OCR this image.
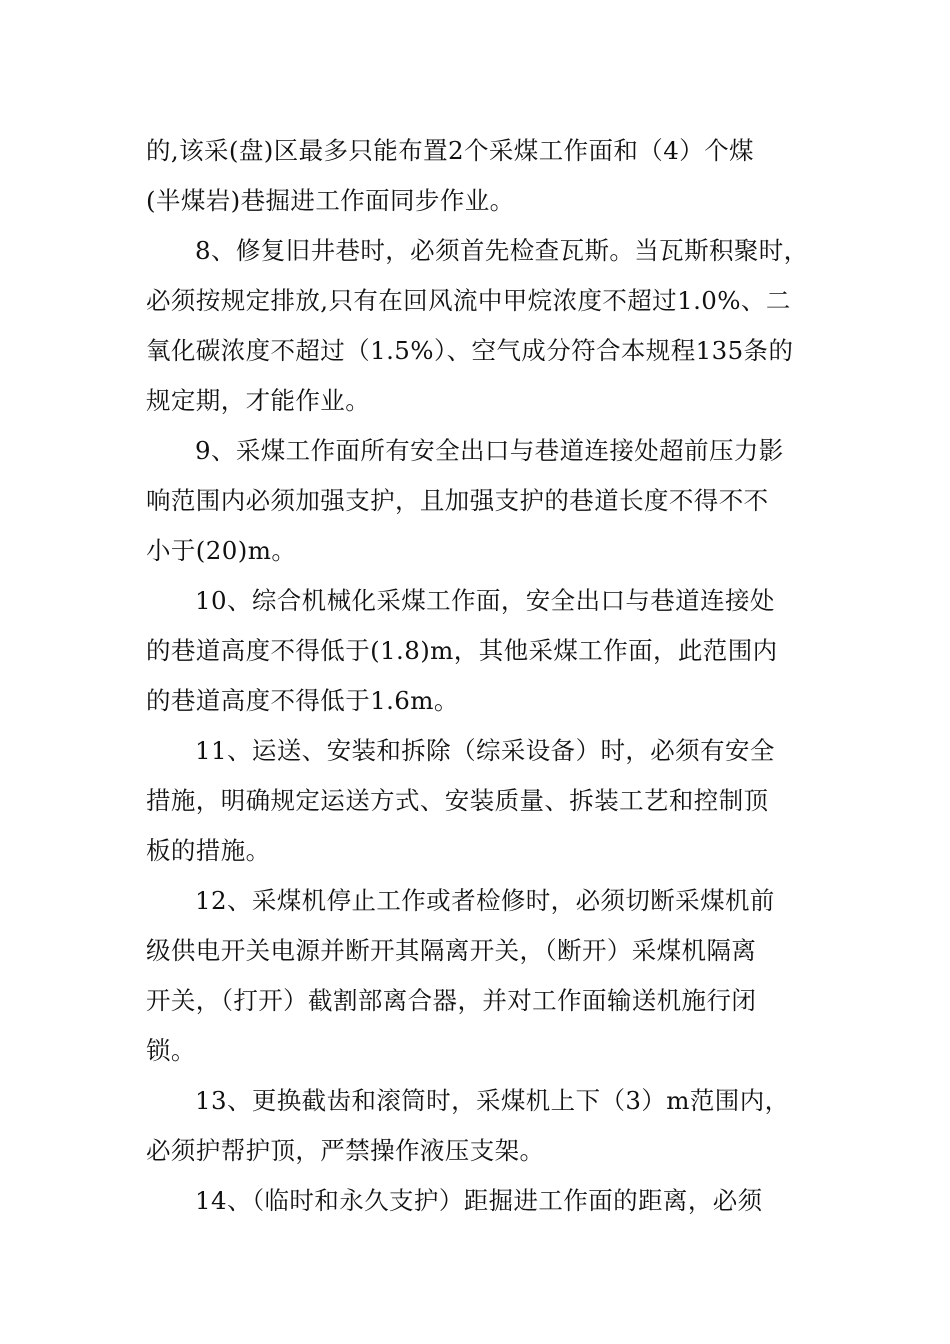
的,该采(盘)区最多只能布置2个采煤工作面和（4）个煤
(半煤岩)巷掘进工作面同步作业。
8、修复旧井巷时，必须首先检查瓦斯。当瓦斯积聚时，
必须按规定排放,只有在回风流中甲烷浓度不超过1.0%、二
氧化碳浓度不超过（1.5%）、空气成分符合本规程135条的
规定期，才能作业。
9、采煤工作面所有安全出口与巷道连接处超前压力影
响范围内必须加强支护，且加强支护的巷道长度不得不不
小于(20)m。
10、综合机械化采煤工作面，安全出口与巷道连接处
的巷道高度不得低于(1.8)m，其他采煤工作面，此范围内
的巷道高度不得低于1.6m。
11、运送、安装和拆除（综采设备）时，必须有安全
措施，明确规定运送方式、安装质量、拆装工艺和控制顶
板的措施。
12、采煤机停止工作或者检修时，必须切断采煤机前
级供电开关电源并断开其隔离开关，（断开）采煤机隔离
开关，（打开）截割部离合器，并对工作面输送机施行闭
锁。
13、更换截齿和滚筒时，采煤机上下（3）m范围内，
必须护帮护顶，严禁操作液压支架。
14、（临时和永久支护）距掘进工作面的距离，必须
